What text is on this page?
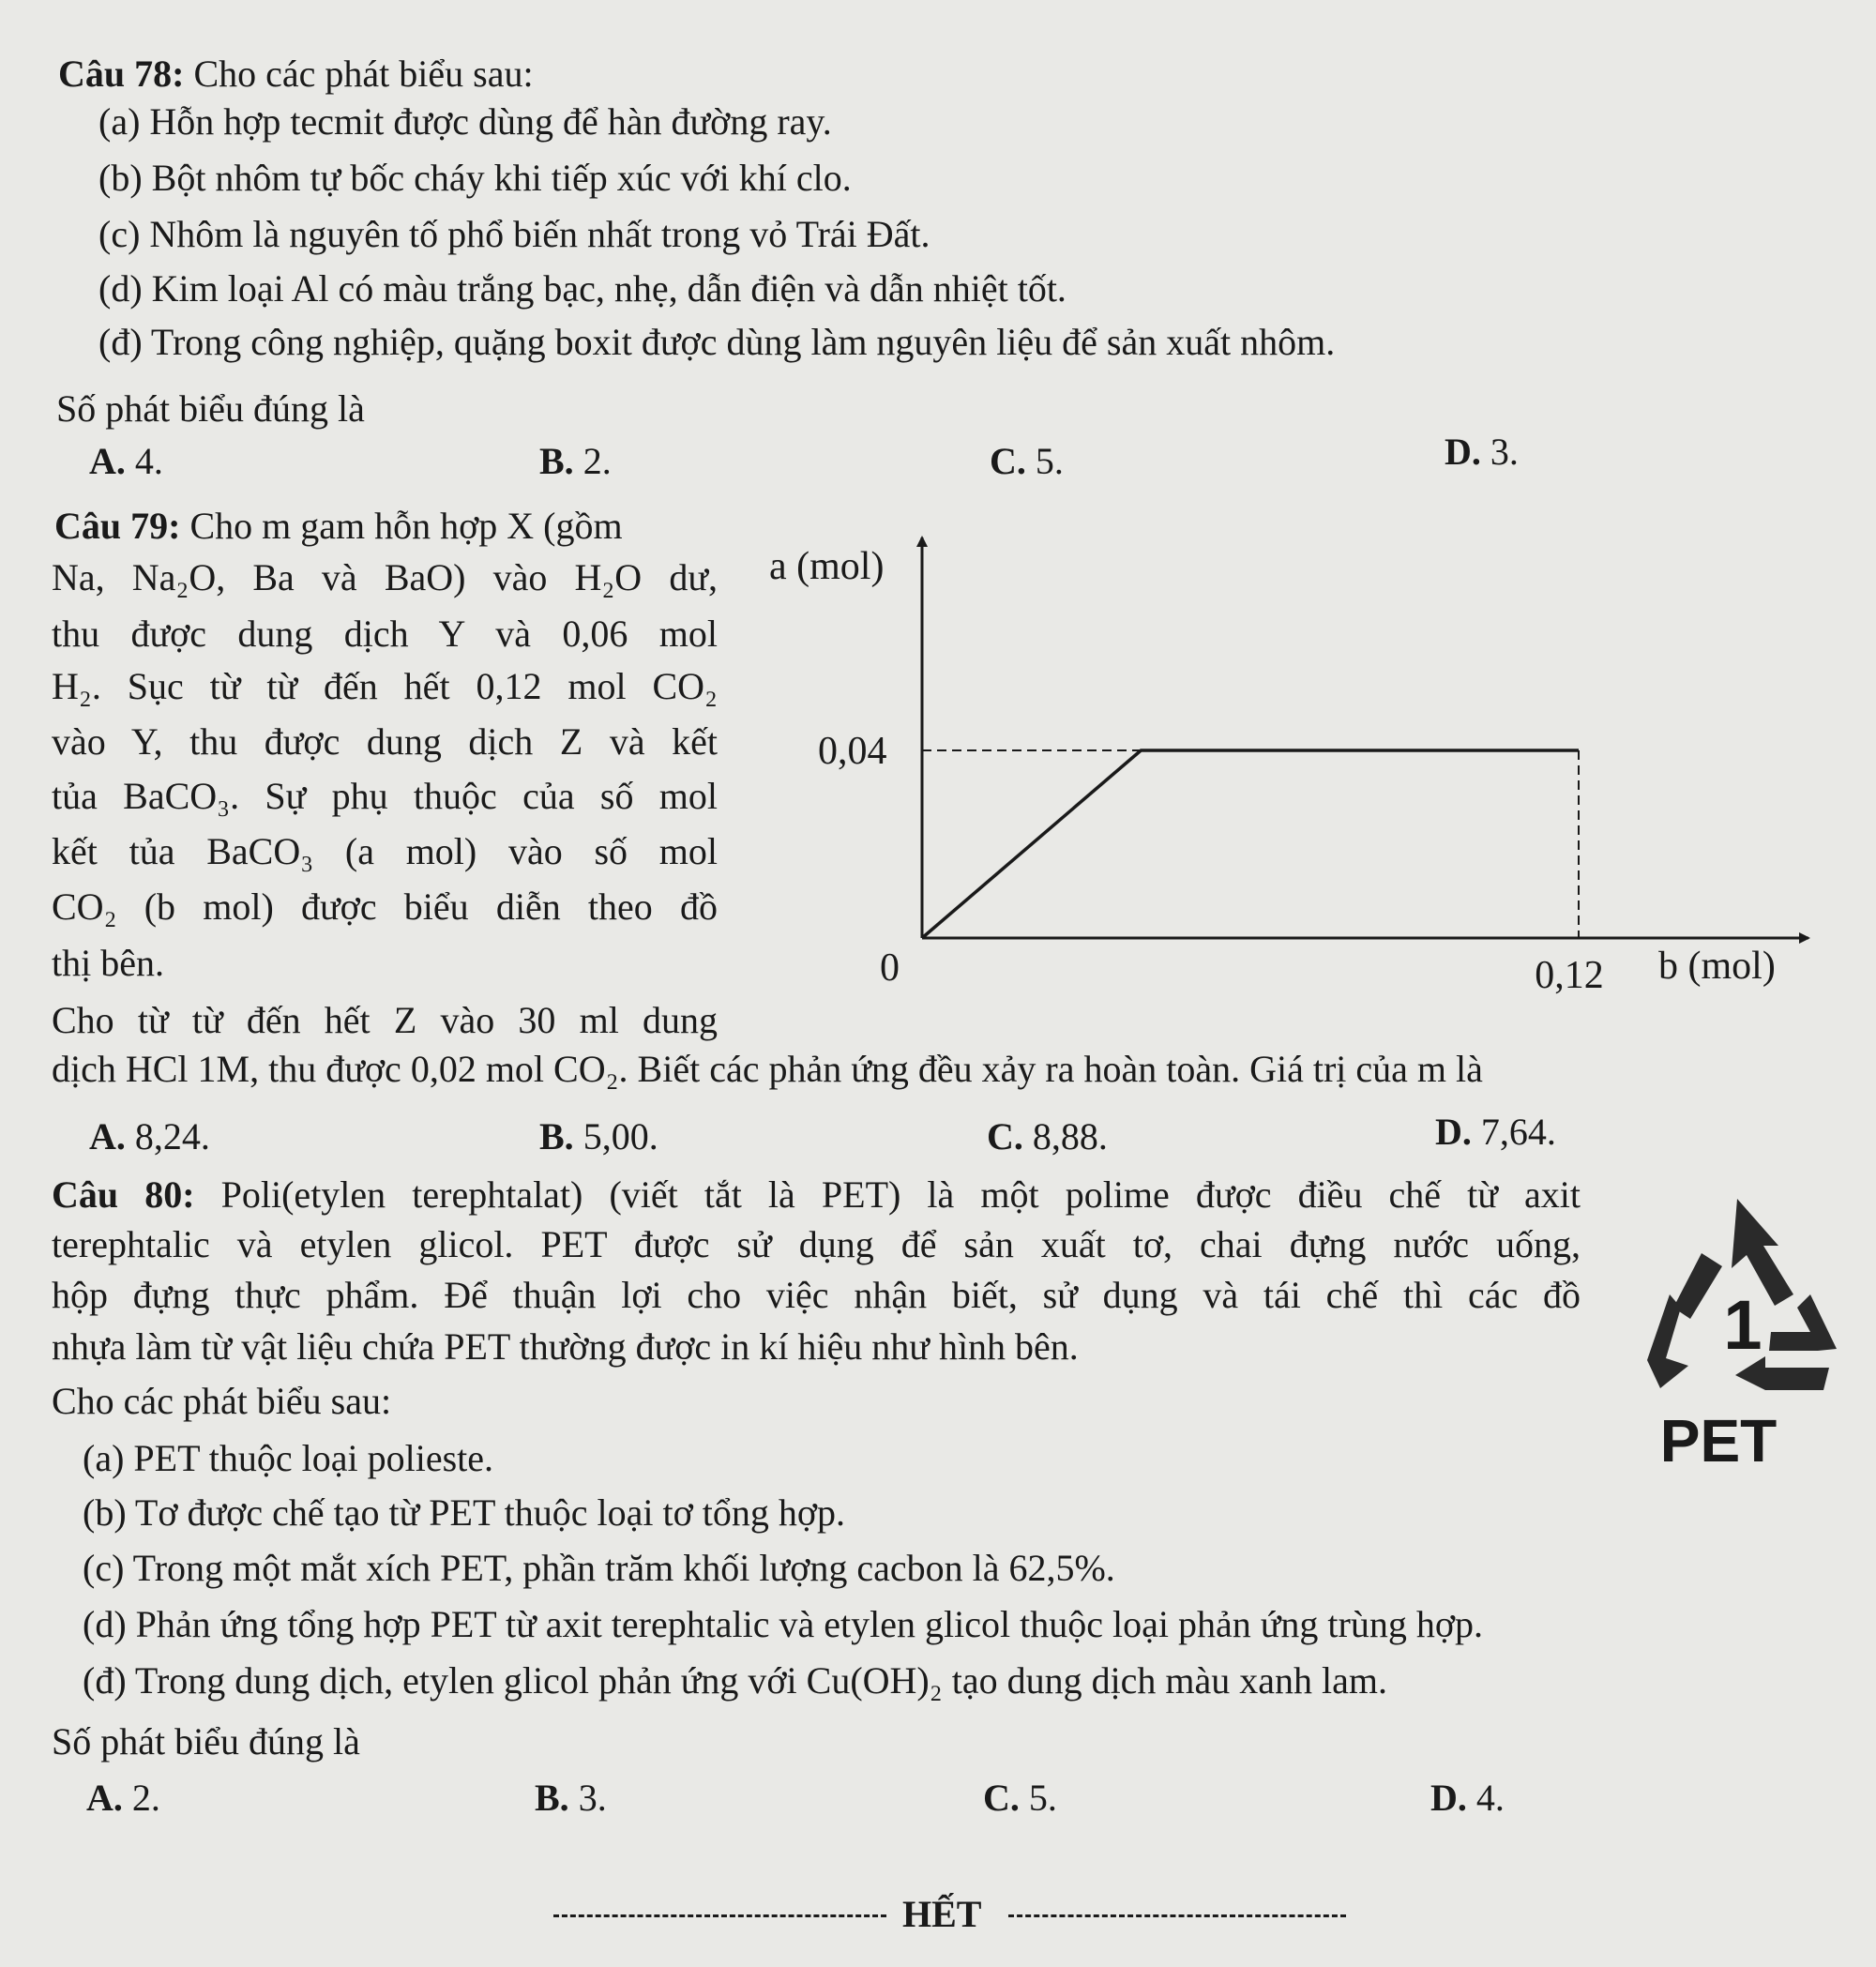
Câu 78: Cho các phát biểu sau:
(a) Hỗn hợp tecmit được dùng để hàn đường ray.
(b) Bột nhôm tự bốc cháy khi tiếp xúc với khí clo.
(c) Nhôm là nguyên tố phổ biến nhất trong vỏ Trái Đất.
(d) Kim loại Al có màu trắng bạc, nhẹ, dẫn điện và dẫn nhiệt tốt.
(đ) Trong công nghiệp, quặng boxit được dùng làm nguyên liệu để sản xuất nhôm.
Số phát biểu đúng là
A. 4.	B. 2.	C. 5.	D. 3.
Câu 79: Cho m gam hỗn hợp X (gồm
Na, Na₂O, Ba và BaO) vào H₂O dư,
thu được dung dịch Y và 0,06 mol
H₂. Sục từ từ đến hết 0,12 mol CO₂
vào Y, thu được dung dịch Z và kết
tủa BaCO₃. Sự phụ thuộc của số mol
kết tủa BaCO₃ (a mol) vào số mol
CO₂ (b mol) được biểu diễn theo đồ
thị bên.
Cho từ từ đến hết Z vào 30 ml dung
dịch HCl 1M, thu được 0,02 mol CO₂. Biết các phản ứng đều xảy ra hoàn toàn. Giá trị của m là
a (mol)
0,04
0	0,12 b (mol)
A. 8,24.	B. 5,00.	C. 8,88.	D. 7,64.
Câu 80: Poli(etylen terephtalat) (viết tắt là PET) là một polime được điều chế từ axit
terephtalic và etylen glicol. PET được sử dụng để sản xuất tơ, chai đựng nước uống,
hộp đựng thực phẩm. Để thuận lợi cho việc nhận biết, sử dụng và tái chế thì các đồ
nhựa làm từ vật liệu chứa PET thường được in kí hiệu như hình bên.
Cho các phát biểu sau:
(a) PET thuộc loại polieste.
(b) Tơ được chế tạo từ PET thuộc loại tơ tổng hợp.
(c) Trong một mắt xích PET, phần trăm khối lượng cacbon là 62,5%.
(d) Phản ứng tổng hợp PET từ axit terephtalic và etylen glicol thuộc loại phản ứng trùng hợp.
(đ) Trong dung dịch, etylen glicol phản ứng với Cu(OH)₂ tạo dung dịch màu xanh lam.
Số phát biểu đúng là
A. 2.	B. 3.	C. 5.	D. 4.
1
PET
HẾT
